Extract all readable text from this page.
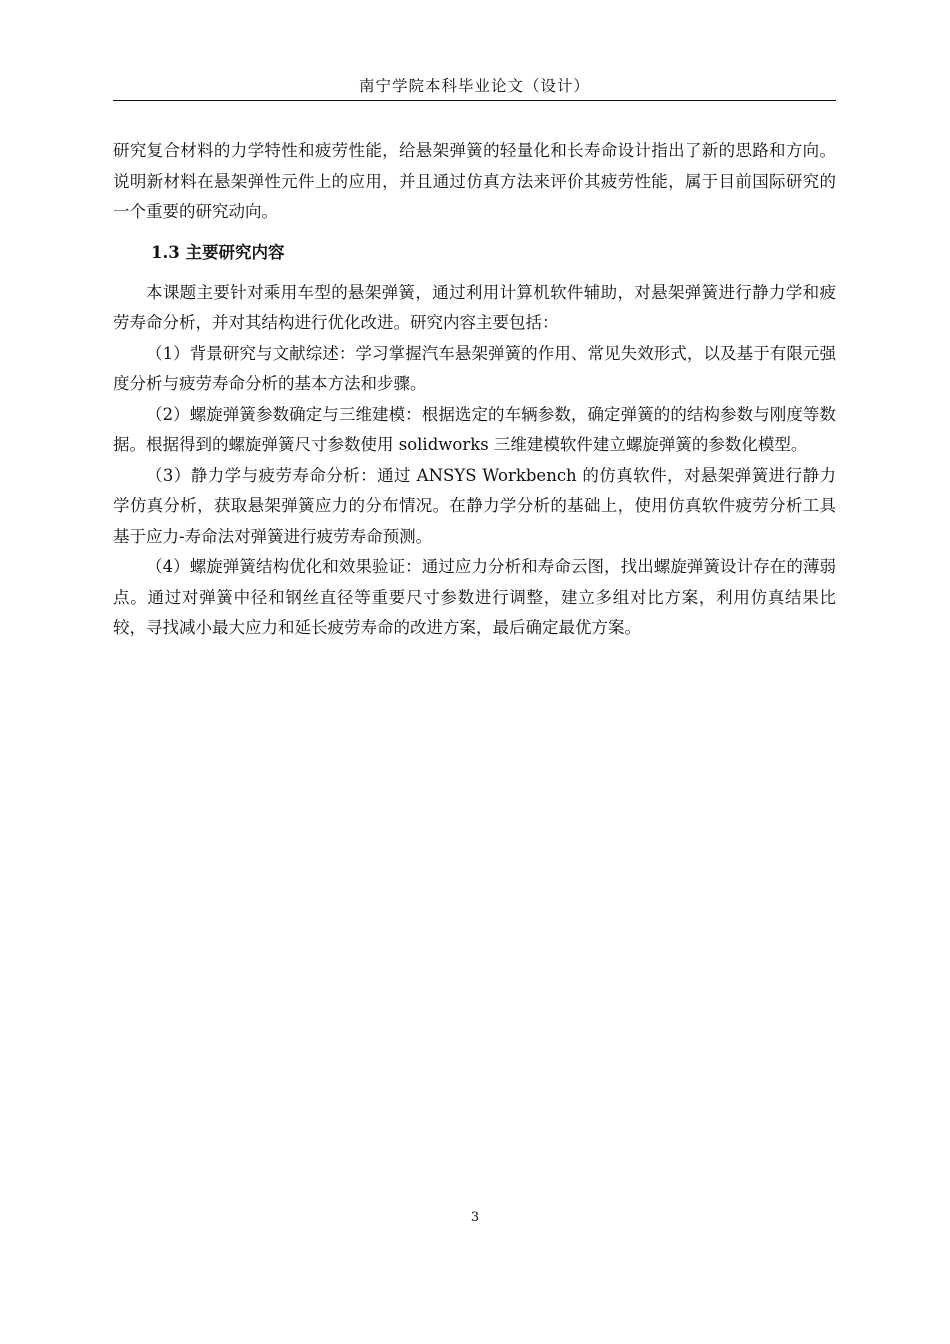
南宁学院本科毕业论文（设计）

研究复合材料的力学特性和疲劳性能，给悬架弹簧的轻量化和长寿命设计指出了新的思路和方向。说明新材料在悬架弹性元件上的应用，并且通过仿真方法来评价其疲劳性能，属于目前国际研究的一个重要的研究动向。

1.3 主要研究内容

本课题主要针对乘用车型的悬架弹簧，通过利用计算机软件辅助，对悬架弹簧进行静力学和疲劳寿命分析，并对其结构进行优化改进。研究内容主要包括：

（1）背景研究与文献综述：学习掌握汽车悬架弹簧的作用、常见失效形式，以及基于有限元强度分析与疲劳寿命分析的基本方法和步骤。

（2）螺旋弹簧参数确定与三维建模：根据选定的车辆参数，确定弹簧的的结构参数与刚度等数据。根据得到的螺旋弹簧尺寸参数使用 solidworks 三维建模软件建立螺旋弹簧的参数化模型。

（3）静力学与疲劳寿命分析：通过 ANSYS Workbench 的仿真软件，对悬架弹簧进行静力学仿真分析，获取悬架弹簧应力的分布情况。在静力学分析的基础上，使用仿真软件疲劳分析工具基于应力-寿命法对弹簧进行疲劳寿命预测。

（4）螺旋弹簧结构优化和效果验证：通过应力分析和寿命云图，找出螺旋弹簧设计存在的薄弱点。通过对弹簧中径和钢丝直径等重要尺寸参数进行调整，建立多组对比方案，利用仿真结果比较，寻找减小最大应力和延长疲劳寿命的改进方案，最后确定最优方案。

3
